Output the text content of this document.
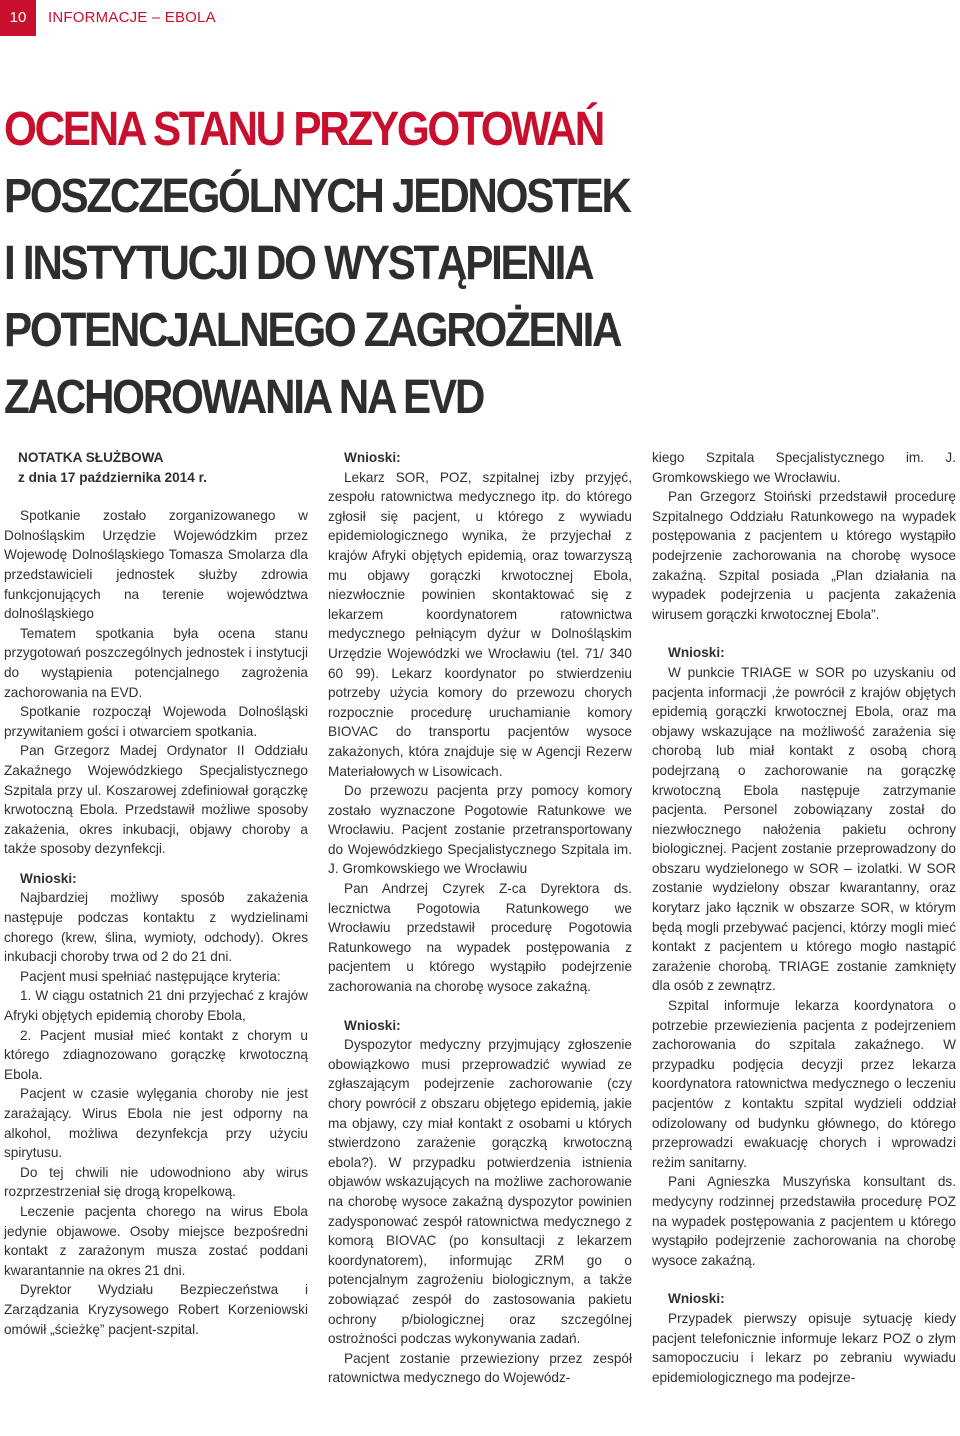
10	INFORMACJE – EBOLA
OCENA STANU PRZYGOTOWAŃ
POSZCZEGÓLNYCH JEDNOSTEK
I INSTYTUCJI DO WYSTĄPIENIA
POTENCJALNEGO ZAGROŻENIA
ZACHOROWANIA NA EVD

NOTATKA SŁUŻBOWA

z dnia 17 października 2014 r.

Spotkanie zostało zorganizowanego w Dolnośląskim Urzędzie Wojewódzkim przez Wojewodę Dolnośląskiego Tomasza Smolarza dla przedstawicieli jednostek służby zdrowia funkcjonujących na terenie województwa dolnośląskiego

Tematem spotkania była ocena stanu przygotowań poszczególnych jednostek i instytucji do wystąpienia potencjalnego zagrożenia zachorowania na EVD.

Spotkanie rozpoczął Wojewoda Dolnośląski przywitaniem gości i otwarciem spotkania.

Pan Grzegorz Madej Ordynator II Oddziału Zakaźnego Wojewódzkiego Specjalistycznego Szpitala przy ul. Koszarowej zdefiniował gorączkę krwotoczną Ebola. Przedstawił możliwe sposoby zakażenia, okres inkubacji, objawy choroby a także sposoby dezynfekcji.

Wnioski:

Najbardziej możliwy sposób zakażenia następuje podczas kontaktu z wydzielinami chorego (krew, ślina, wymioty, odchody). Okres inkubacji choroby trwa od 2 do 21 dni.

Pacjent musi spełniać następujące kryteria:

1. W ciągu ostatnich 21 dni przyjechać z krajów Afryki objętych epidemią choroby Ebola,

2. Pacjent musiał mieć kontakt z chorym u którego zdiagnozowano gorączkę krwotoczną Ebola.

Pacjent w czasie wylęgania choroby nie jest zarażający. Wirus Ebola nie jest odporny na alkohol, możliwa dezynfekcja przy użyciu spirytusu.

Do tej chwili nie udowodniono aby wirus rozprzestrzeniał się drogą kropelkową.

Leczenie pacjenta chorego na wirus Ebola jedynie objawowe. Osoby miejsce bezpośredni kontakt z zarażonym musza zostać poddani kwarantannie na okres 21 dni.

Dyrektor Wydziału Bezpieczeństwa i Zarządzania Kryzysowego Robert Korzeniowski omówił „ścieżkę” pacjent-szpital.

Wnioski:

Lekarz SOR, POZ, szpitalnej izby przyjęć, zespołu ratownictwa medycznego itp. do którego zgłosił się pacjent, u którego z wywiadu epidemiologicznego wynika, że przyjechał z krajów Afryki objętych epidemią, oraz towarzyszą mu objawy gorączki krwotocznej Ebola, niezwłocznie powinien skontaktować się z lekarzem koordynatorem ratownictwa medycznego pełniącym dyżur w Dolnośląskim Urzędzie Wojewódzki we Wrocławiu (tel. 71/ 340 60 99). Lekarz koordynator po stwierdzeniu potrzeby użycia komory do przewozu chorych rozpocznie procedurę uruchamianie komory BIOVAC do transportu pacjentów wysoce zakażonych, która znajduje się w Agencji Rezerw Materiałowych w Lisowicach.

Do przewozu pacjenta przy pomocy komory zostało wyznaczone Pogotowie Ratunkowe we Wrocławiu. Pacjent zostanie przetransportowany do Wojewódzkiego Specjalistycznego Szpitala im. J. Gromkowskiego we Wrocławiu

Pan Andrzej Czyrek Z-ca Dyrektora ds. lecznictwa Pogotowia Ratunkowego we Wrocławiu przedstawił procedurę Pogotowia Ratunkowego na wypadek postępowania z pacjentem u którego wystąpiło podejrzenie zachorowania na chorobę wysoce zakaźną.

Wnioski:

Dyspozytor medyczny przyjmujący zgłoszenie obowiązkowo musi przeprowadzić wywiad ze zgłaszającym podejrzenie zachorowanie (czy chory powrócił z obszaru objętego epidemią, jakie ma objawy, czy miał kontakt z osobami u których stwierdzono zarażenie gorączką krwotoczną ebola?). W przypadku potwierdzenia istnienia objawów wskazujących na możliwe zachorowanie na chorobę wysoce zakaźną dyspozytor powinien zadysponować zespół ratownictwa medycznego z komorą BIOVAC (po konsultacji z lekarzem koordynatorem), informując ZRM go o potencjalnym zagrożeniu biologicznym, a także zobowiązać zespół do zastosowania pakietu ochrony p/biologicznej oraz szczególnej ostrożności podczas wykonywania zadań.

Pacjent zostanie przewieziony przez zespół ratownictwa medycznego do Wojewódz-

kiego Szpitala Specjalistycznego im. J. Gromkowskiego we Wrocławiu.

Pan Grzegorz Stoiński przedstawił procedurę Szpitalnego Oddziału Ratunkowego na wypadek postępowania z pacjentem u którego wystąpiło podejrzenie zachorowania na chorobę wysoce zakaźną. Szpital posiada „Plan działania na wypadek podejrzenia u pacjenta zakażenia wirusem gorączki krwotocznej Ebola”.

Wnioski:

W punkcie TRIAGE w SOR po uzyskaniu od pacjenta informacji ,że powrócił z krajów objętych epidemią gorączki krwotocznej Ebola, oraz ma objawy wskazujące na możliwość zarażenia się chorobą lub miał kontakt z osobą chorą podejrzaną o zachorowanie na gorączkę krwotoczną Ebola następuje zatrzymanie pacjenta. Personel zobowiązany został do niezwłocznego nałożenia pakietu ochrony biologicznej. Pacjent zostanie przeprowadzony do obszaru wydzielonego w SOR – izolatki. W SOR zostanie wydzielony obszar kwarantanny, oraz korytarz jako łącznik w obszarze SOR, w którym będą mogli przebywać pacjenci, którzy mogli mieć kontakt z pacjentem u którego mogło nastąpić zarażenie chorobą. TRIAGE zostanie zamknięty dla osób z zewnątrz.

Szpital informuje lekarza koordynatora o potrzebie przewiezienia pacjenta z podejrzeniem zachorowania do szpitala zakaźnego. W przypadku podjęcia decyzji przez lekarza koordynatora ratownictwa medycznego o leczeniu pacjentów z kontaktu szpital wydzieli oddział odizolowany od budynku głównego, do którego przeprowadzi ewakuację chorych i wprowadzi reżim sanitarny.

Pani Agnieszka Muszyńska konsultant ds. medycyny rodzinnej przedstawiła procedurę POZ na wypadek postępowania z pacjentem u którego wystąpiło podejrzenie zachorowania na chorobę wysoce zakaźną.

Wnioski:

Przypadek pierwszy opisuje sytuację kiedy pacjent telefonicznie informuje lekarz POZ o złym samopoczuciu i lekarz po zebraniu wywiadu epidemiologicznego ma podejrze-
